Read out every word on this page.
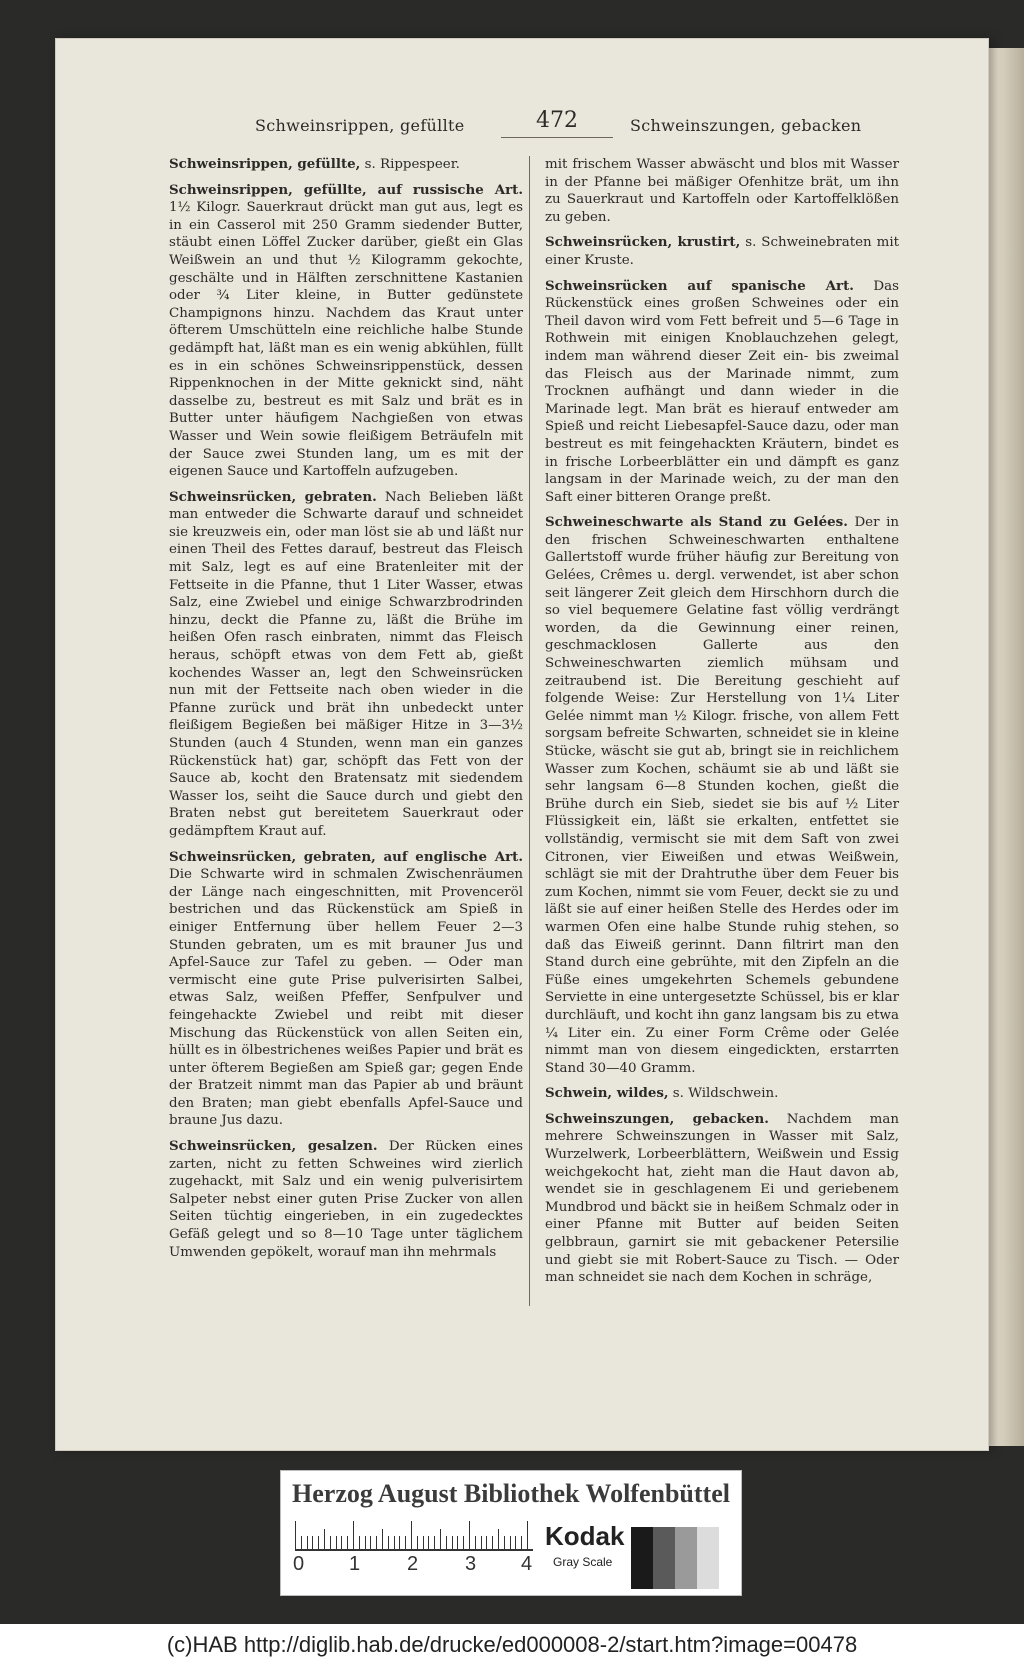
Schweinsrippen, gefüllte	472	Schweinszungen, gebacken

Schweinsrippen, gefüllte, s. Rippespeer.

Schweinsrippen, gefüllte, auf russische Art. 1½ Kilogr. Sauerkraut drückt man gut aus, legt es in ein Casserol mit 250 Gramm siedender Butter, stäubt einen Löffel Zucker darüber, gießt ein Glas Weißwein an und thut ½ Kilogramm gekochte, geschälte und in Hälften zerschnittene Kastanien oder ¾ Liter kleine, in Butter gedünstete Champignons hinzu. Nachdem das Kraut unter öfterem Umschütteln eine reichliche halbe Stunde gedämpft hat, läßt man es ein wenig abkühlen, füllt es in ein schönes Schweinsrippenstück, dessen Rippenknochen in der Mitte geknickt sind, näht dasselbe zu, bestreut es mit Salz und brät es in Butter unter häufigem Nachgießen von etwas Wasser und Wein sowie fleißigem Beträufeln mit der Sauce zwei Stunden lang, um es mit der eigenen Sauce und Kartoffeln aufzugeben.

Schweinsrücken, gebraten. Nach Belieben läßt man entweder die Schwarte darauf und schneidet sie kreuzweis ein, oder man löst sie ab und läßt nur einen Theil des Fettes darauf, bestreut das Fleisch mit Salz, legt es auf eine Bratenleiter mit der Fettseite in die Pfanne, thut 1 Liter Wasser, etwas Salz, eine Zwiebel und einige Schwarzbrodrinden hinzu, deckt die Pfanne zu, läßt die Brühe im heißen Ofen rasch einbraten, nimmt das Fleisch heraus, schöpft etwas von dem Fett ab, gießt kochendes Wasser an, legt den Schweinsrücken nun mit der Fettseite nach oben wieder in die Pfanne zurück und brät ihn unbedeckt unter fleißigem Begießen bei mäßiger Hitze in 3—3½ Stunden (auch 4 Stunden, wenn man ein ganzes Rückenstück hat) gar, schöpft das Fett von der Sauce ab, kocht den Bratensatz mit siedendem Wasser los, seiht die Sauce durch und giebt den Braten nebst gut bereitetem Sauerkraut oder gedämpftem Kraut auf.

Schweinsrücken, gebraten, auf englische Art. Die Schwarte wird in schmalen Zwischenräumen der Länge nach eingeschnitten, mit Provenceröl bestrichen und das Rückenstück am Spieß in einiger Entfernung über hellem Feuer 2—3 Stunden gebraten, um es mit brauner Jus und Apfel-Sauce zur Tafel zu geben. — Oder man vermischt eine gute Prise pulverisirten Salbei, etwas Salz, weißen Pfeffer, Senfpulver und feingehackte Zwiebel und reibt mit dieser Mischung das Rückenstück von allen Seiten ein, hüllt es in ölbestrichenes weißes Papier und brät es unter öfterem Begießen am Spieß gar; gegen Ende der Bratzeit nimmt man das Papier ab und bräunt den Braten; man giebt ebenfalls Apfel-Sauce und braune Jus dazu.

Schweinsrücken, gesalzen. Der Rücken eines zarten, nicht zu fetten Schweines wird zierlich zugehackt, mit Salz und ein wenig pulverisirtem Salpeter nebst einer guten Prise Zucker von allen Seiten tüchtig eingerieben, in ein zugedecktes Gefäß gelegt und so 8—10 Tage unter täglichem Umwenden gepökelt, worauf man ihn mehrmals

mit frischem Wasser abwäscht und blos mit Wasser in der Pfanne bei mäßiger Ofenhitze brät, um ihn zu Sauerkraut und Kartoffeln oder Kartoffelklößen zu geben.

Schweinsrücken, krustirt, s. Schweinebraten mit einer Kruste.

Schweinsrücken auf spanische Art. Das Rückenstück eines großen Schweines oder ein Theil davon wird vom Fett befreit und 5—6 Tage in Rothwein mit einigen Knoblauchzehen gelegt, indem man während dieser Zeit ein- bis zweimal das Fleisch aus der Marinade nimmt, zum Trocknen aufhängt und dann wieder in die Marinade legt. Man brät es hierauf entweder am Spieß und reicht Liebesapfel-Sauce dazu, oder man bestreut es mit feingehackten Kräutern, bindet es in frische Lorbeerblätter ein und dämpft es ganz langsam in der Marinade weich, zu der man den Saft einer bitteren Orange preßt.

Schweineschwarte als Stand zu Gelées. Der in den frischen Schweineschwarten enthaltene Gallertstoff wurde früher häufig zur Bereitung von Gelées, Crêmes u. dergl. verwendet, ist aber schon seit längerer Zeit gleich dem Hirschhorn durch die so viel bequemere Gelatine fast völlig verdrängt worden, da die Gewinnung einer reinen, geschmacklosen Gallerte aus den Schweineschwarten ziemlich mühsam und zeitraubend ist. Die Bereitung geschieht auf folgende Weise: Zur Herstellung von 1¼ Liter Gelée nimmt man ½ Kilogr. frische, von allem Fett sorgsam befreite Schwarten, schneidet sie in kleine Stücke, wäscht sie gut ab, bringt sie in reichlichem Wasser zum Kochen, schäumt sie ab und läßt sie sehr langsam 6—8 Stunden kochen, gießt die Brühe durch ein Sieb, siedet sie bis auf ½ Liter Flüssigkeit ein, läßt sie erkalten, entfettet sie vollständig, vermischt sie mit dem Saft von zwei Citronen, vier Eiweißen und etwas Weißwein, schlägt sie mit der Drahtruthe über dem Feuer bis zum Kochen, nimmt sie vom Feuer, deckt sie zu und läßt sie auf einer heißen Stelle des Herdes oder im warmen Ofen eine halbe Stunde ruhig stehen, so daß das Eiweiß gerinnt. Dann filtrirt man den Stand durch eine gebrühte, mit den Zipfeln an die Füße eines umgekehrten Schemels gebundene Serviette in eine untergesetzte Schüssel, bis er klar durchläuft, und kocht ihn ganz langsam bis zu etwa ¼ Liter ein. Zu einer Form Crême oder Gelée nimmt man von diesem eingedickten, erstarrten Stand 30—40 Gramm.

Schwein, wildes, s. Wildschwein.

Schweinszungen, gebacken. Nachdem man mehrere Schweinszungen in Wasser mit Salz, Wurzelwerk, Lorbeerblättern, Weißwein und Essig weichgekocht hat, zieht man die Haut davon ab, wendet sie in geschlagenem Ei und geriebenem Mundbrod und bäckt sie in heißem Schmalz oder in einer Pfanne mit Butter auf beiden Seiten gelbbraun, garnirt sie mit gebackener Petersilie und giebt sie mit Robert-Sauce zu Tisch. — Oder man schneidet sie nach dem Kochen in schräge,

Herzog August Bibliothek Wolfenbüttel
0 1 2 3 4
Kodak
Gray Scale
(c)HAB http://diglib.hab.de/drucke/ed000008-2/start.htm?image=00478
